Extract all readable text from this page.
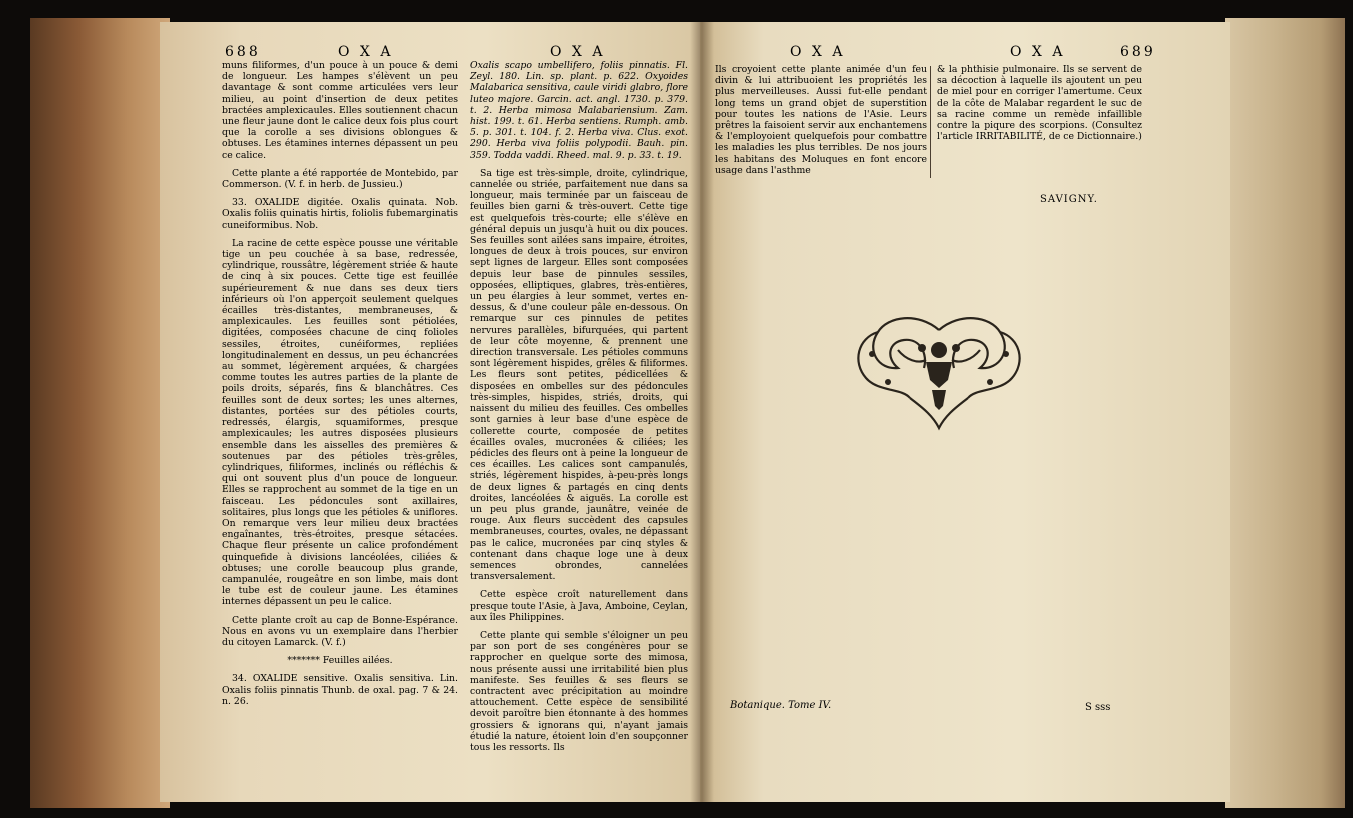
688	O X A	O X A

muns filiformes, d'un pouce à un pouce & demi de longueur. Les hampes s'élèvent un peu davantage & sont comme articulées vers leur milieu, au point d'insertion de deux petites bractées amplexicaules. Elles soutiennent chacun une fleur jaune dont le calice deux fois plus court que la corolle a ses divisions oblongues & obtuses. Les étamines internes dépassent un peu ce calice.

Cette plante a été rapportée de Montebido, par Commerson. (V. f. in herb. de Jussieu.)

33. OXALIDE digitée. Oxalis quinata. Nob. Oxalis foliis quinatis hirtis, foliolis fubemarginatis cuneiformibus. Nob.

La racine de cette espèce pousse une véritable tige un peu couchée à sa base, redressée, cylindrique, roussâtre, légèrement striée & haute de cinq à six pouces. Cette tige est feuillée supérieurement & nue dans ses deux tiers inférieurs où l'on apperçoit seulement quelques écailles très-distantes, membraneuses, & amplexicaules. Les feuilles sont pétiolées, digitées, composées chacune de cinq folioles sessiles, étroites, cunéiformes, repliées longitudinalement en dessus, un peu échancrées au sommet, légèrement arquées, & chargées comme toutes les autres parties de la plante de poils droits, séparés, fins & blanchâtres. Ces feuilles sont de deux sortes; les unes alternes, distantes, portées sur des pétioles courts, redressés, élargis, squamiformes, presque amplexicaules; les autres disposées plusieurs ensemble dans les aisselles des premières & soutenues par des pétioles très-grêles, cylindriques, filiformes, inclinés ou réfléchis & qui ont souvent plus d'un pouce de longueur. Elles se rapprochent au sommet de la tige en un faisceau. Les pédoncules sont axillaires, solitaires, plus longs que les pétioles & uniflores. On remarque vers leur milieu deux bractées engaînantes, très-étroites, presque sétacées. Chaque fleur présente un calice profondément quinquefide à divisions lancéolées, ciliées & obtuses; une corolle beaucoup plus grande, campanulée, rougeâtre en son limbe, mais dont le tube est de couleur jaune. Les étamines internes dépassent un peu le calice.

Cette plante croît au cap de Bonne-Espérance. Nous en avons vu un exemplaire dans l'herbier du citoyen Lamarck. (V. f.)

******* Feuilles ailées.

34. OXALIDE sensitive. Oxalis sensitiva. Lin. Oxalis foliis pinnatis Thunb. de oxal. pag. 7 & 24. n. 26.

Oxalis scapo umbellifero, foliis pinnatis. Fl. Zeyl. 180. Lin. sp. plant. p. 622. Oxyoides Malabarica sensitiva, caule viridi glabro, flore luteo majore. Garcin. act. angl. 1730. p. 379. t. 2. Herba mimosa Malabariensium. Zam. hist. 199. t. 61. Herba sentiens. Rumph. amb. 5. p. 301. t. 104. f. 2. Herba viva. Clus. exot. 290. Herba viva foliis polypodii. Bauh. pin. 359. Todda vaddi. Rheed. mal. 9. p. 33. t. 19.

Sa tige est très-simple, droite, cylindrique, cannelée ou striée, parfaitement nue dans sa longueur, mais terminée par un faisceau de feuilles bien garni & très-ouvert. Cette tige est quelquefois très-courte; elle s'élève en général depuis un jusqu'à huit ou dix pouces. Ses feuilles sont ailées sans impaire, étroites, longues de deux à trois pouces, sur environ sept lignes de largeur. Elles sont composées depuis leur base de pinnules sessiles, opposées, elliptiques, glabres, très-entières, un peu élargies à leur sommet, vertes en-dessus, & d'une couleur pâle en-dessous. On remarque sur ces pinnules de petites nervures parallèles, bifurquées, qui partent de leur côte moyenne, & prennent une direction transversale. Les pétioles communs sont légèrement hispides, grêles & filiformes. Les fleurs sont petites, pédicellées & disposées en ombelles sur des pédoncules très-simples, hispides, striés, droits, qui naissent du milieu des feuilles. Ces ombelles sont garnies à leur base d'une espèce de collerette courte, composée de petites écailles ovales, mucronées & ciliées; les pédicles des fleurs ont à peine la longueur de ces écailles. Les calices sont campanulés, striés, légèrement hispides, à-peu-près longs de deux lignes & partagés en cinq dents droites, lancéolées & aiguës. La corolle est un peu plus grande, jaunâtre, veinée de rouge. Aux fleurs succèdent des capsules membraneuses, courtes, ovales, ne dépassant pas le calice, mucronées par cinq styles & contenant dans chaque loge une à deux semences obrondes, cannelées transversalement.

Cette espèce croît naturellement dans presque toute l'Asie, à Java, Amboine, Ceylan, aux îles Philippines.

Cette plante qui semble s'éloigner un peu par son port de ses congénères pour se rapprocher en quelque sorte des mimosa, nous présente aussi une irritabilité bien plus manifeste. Ses feuilles & ses fleurs se contractent avec précipitation au moindre attouchement. Cette espèce de sensibilité devoit paroître bien étonnante à des hommes grossiers & ignorans qui, n'ayant jamais étudié la nature, étoient loin d'en soupçonner tous les ressorts. Ils

O X A	O X A	689

Ils croyoient cette plante animée d'un feu divin & lui attribuoient les propriétés les plus merveilleuses. Aussi fut-elle pendant long tems un grand objet de superstition pour toutes les nations de l'Asie. Leurs prêtres la faisoient servir aux enchantemens & l'employoient quelquefois pour combattre les maladies les plus terribles. De nos jours les habitans des Moluques en font encore usage dans l'asthme

& la phthisie pulmonaire. Ils se servent de sa décoction à laquelle ils ajoutent un peu de miel pour en corriger l'amertume. Ceux de la côte de Malabar regardent le suc de sa racine comme un remède infaillible contre la piqure des scorpions. (Consultez l'article IRRITABILITÉ, de ce Dictionnaire.)

SAVIGNY.
Botanique. Tome IV.	S sss
